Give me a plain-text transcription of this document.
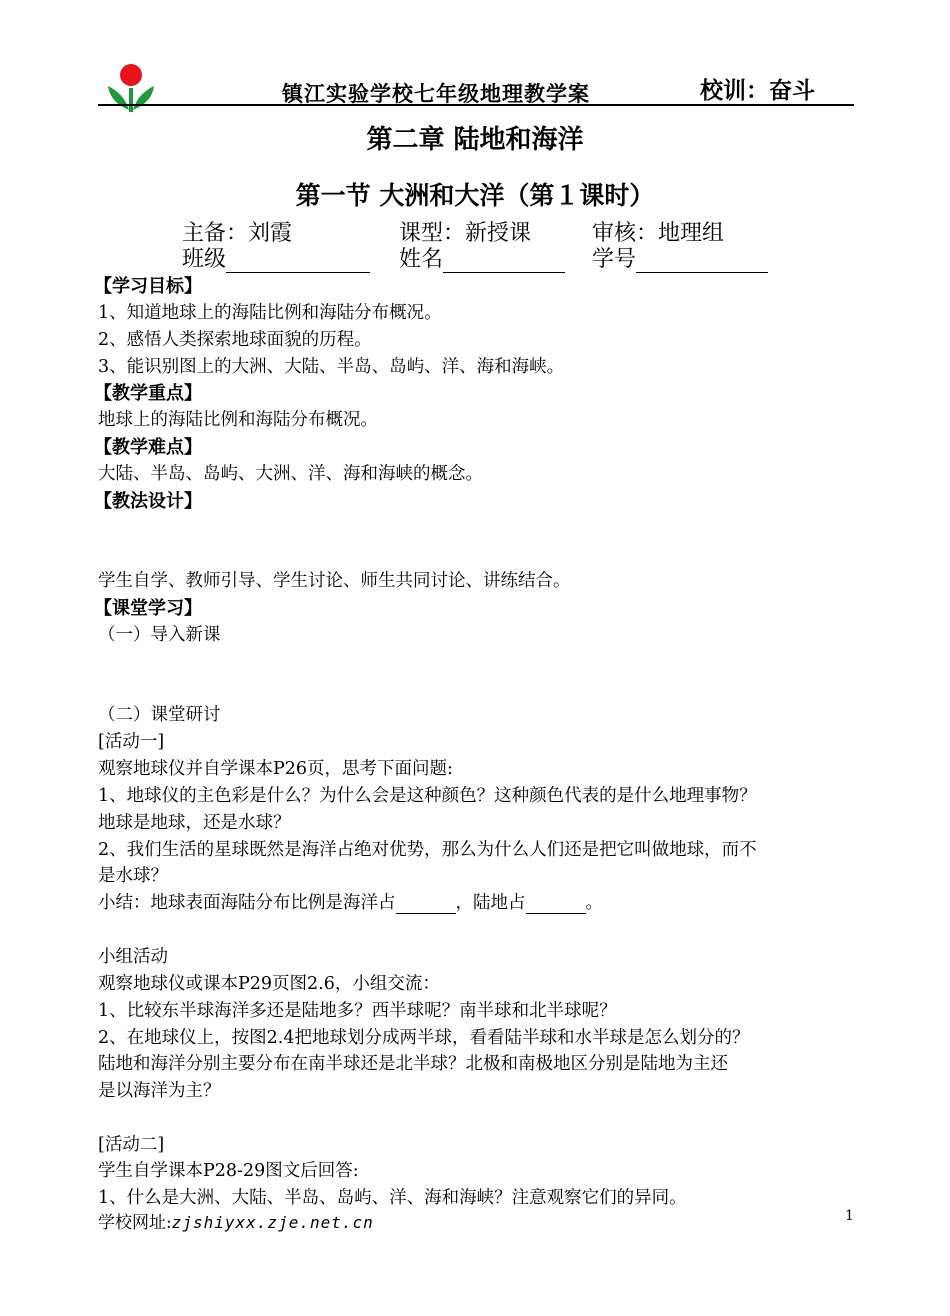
镇江实验学校七年级地理教学案	校训：奋斗
第二章 陆地和海洋
第一节 大洲和大洋（第１课时）
主备：刘霞	课型：新授课	审核：地理组
班级	姓名	学号
【学习目标】
1、知道地球上的海陆比例和海陆分布概况。
2、感悟人类探索地球面貌的历程。
3、能识别图上的大洲、大陆、半岛、岛屿、洋、海和海峡。
【教学重点】
地球上的海陆比例和海陆分布概况。
【教学难点】
大陆、半岛、岛屿、大洲、洋、海和海峡的概念。
【教法设计】
学生自学、教师引导、学生讨论、师生共同讨论、讲练结合。
【课堂学习】
（一）导入新课
（二）课堂研讨
[活动一]
观察地球仪并自学课本P26页，思考下面问题:
1、地球仪的主色彩是什么？为什么会是这种颜色？这种颜色代表的是什么地理事物？
地球是地球，还是水球？
2、我们生活的星球既然是海洋占绝对优势，那么为什么人们还是把它叫做地球，而不
是水球？
小结：地球表面海陆分布比例是海洋占	，陆地占	。
小组活动
观察地球仪或课本P29页图2.6，小组交流：
1、比较东半球海洋多还是陆地多？西半球呢？南半球和北半球呢？
2、在地球仪上，按图2.4把地球划分成两半球，看看陆半球和水半球是怎么划分的？
陆地和海洋分别主要分布在南半球还是北半球？北极和南极地区分别是陆地为主还
是以海洋为主？
[活动二]
学生自学课本P28-29图文后回答:
1、什么是大洲、大陆、半岛、岛屿、洋、海和海峡？注意观察它们的异同。
学校网址:zjshiyxx.zje.net.cn	1
